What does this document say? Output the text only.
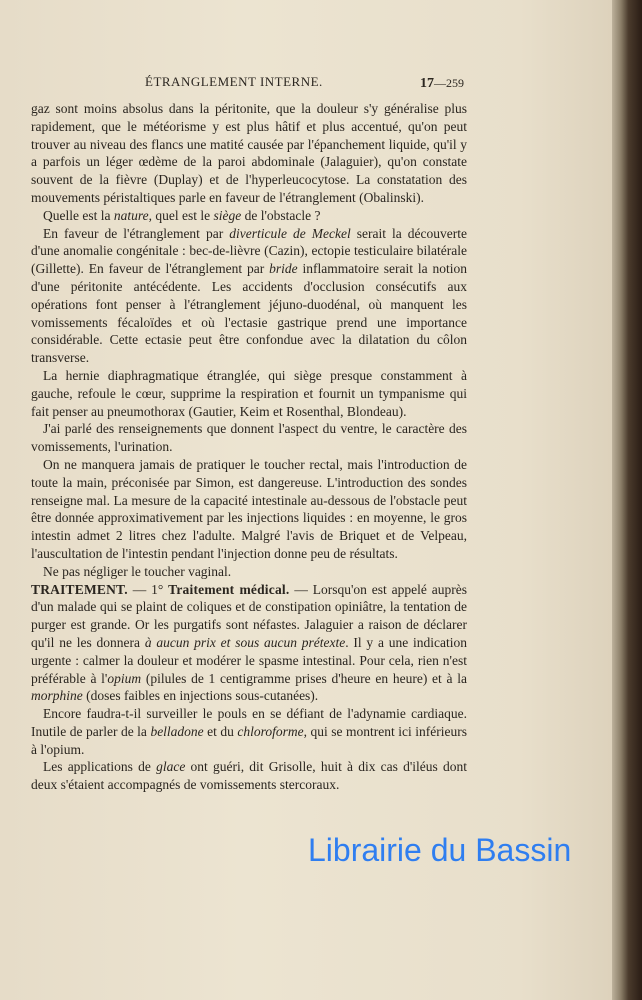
ÉTRANGLEMENT INTERNE.	17—259

gaz sont moins absolus dans la péritonite, que la douleur s'y généralise plus rapidement, que le météorisme y est plus hâtif et plus accentué, qu'on peut trouver au niveau des flancs une matité causée par l'épanchement liquide, qu'il y a parfois un léger œdème de la paroi abdominale (Jalaguier), qu'on constate souvent de la fièvre (Duplay) et de l'hyperleucocytose. La constatation des mouvements péristaltiques parle en faveur de l'étranglement (Obalinski).

Quelle est la nature, quel est le siège de l'obstacle ?

En faveur de l'étranglement par diverticule de Meckel serait la découverte d'une anomalie congénitale : bec-de-lièvre (Cazin), ectopie testiculaire bilatérale (Gillette). En faveur de l'étranglement par bride inflammatoire serait la notion d'une péritonite antécédente. Les accidents d'occlusion consécutifs aux opérations font penser à l'étranglement jéjuno-duodénal, où manquent les vomissements fécaloïdes et où l'ectasie gastrique prend une importance considérable. Cette ectasie peut être confondue avec la dilatation du côlon transverse.

La hernie diaphragmatique étranglée, qui siège presque constamment à gauche, refoule le cœur, supprime la respiration et fournit un tympanisme qui fait penser au pneumothorax (Gautier, Keim et Rosenthal, Blondeau).

J'ai parlé des renseignements que donnent l'aspect du ventre, le caractère des vomissements, l'urination.

On ne manquera jamais de pratiquer le toucher rectal, mais l'introduction de toute la main, préconisée par Simon, est dangereuse. L'introduction des sondes renseigne mal. La mesure de la capacité intestinale au-dessous de l'obstacle peut être donnée approximativement par les injections liquides : en moyenne, le gros intestin admet 2 litres chez l'adulte. Malgré l'avis de Briquet et de Velpeau, l'auscultation de l'intestin pendant l'injection donne peu de résultats.

Ne pas négliger le toucher vaginal.

TRAITEMENT. — 1° Traitement médical. — Lorsqu'on est appelé auprès d'un malade qui se plaint de coliques et de constipation opiniâtre, la tentation de purger est grande. Or les purgatifs sont néfastes. Jalaguier a raison de déclarer qu'il ne les donnera à aucun prix et sous aucun prétexte. Il y a une indication urgente : calmer la douleur et modérer le spasme intestinal. Pour cela, rien n'est préférable à l'opium (pilules de 1 centigramme prises d'heure en heure) et à la morphine (doses faibles en injections sous-cutanées).

Encore faudra-t-il surveiller le pouls en se défiant de l'adynamie cardiaque. Inutile de parler de la belladone et du chloroforme, qui se montrent ici inférieurs à l'opium.

Les applications de glace ont guéri, dit Grisolle, huit à dix cas d'iléus dont deux s'étaient accompagnés de vomissements stercoraux.

Librairie du Bassin
